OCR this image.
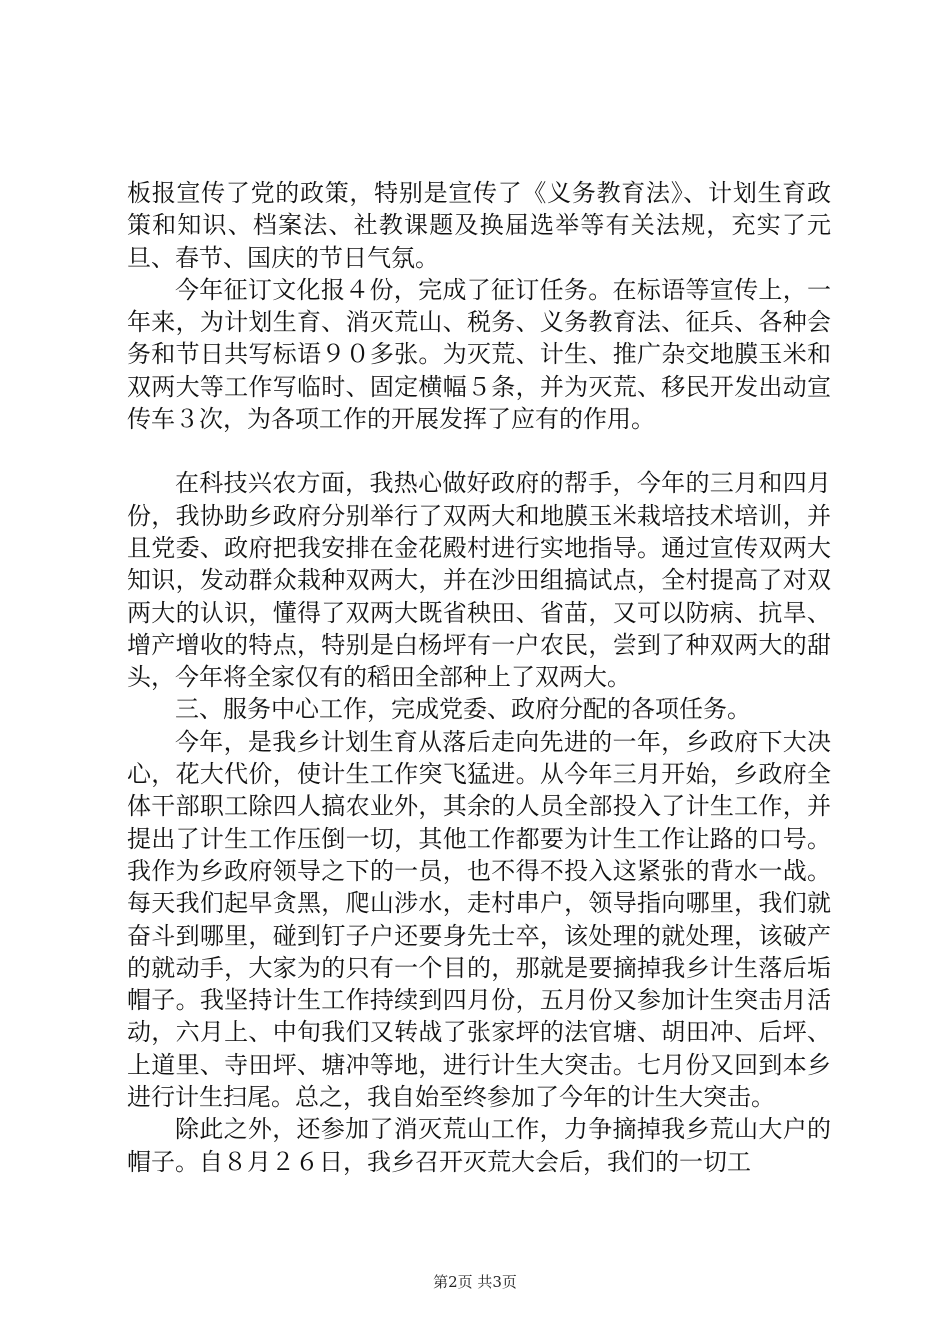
板报宣传了党的政策，特别是宣传了《义务教育法》、计划生育政策和知识、档案法、社教课题及换届选举等有关法规，充实了元旦、春节、国庆的节日气氛。

今年征订文化报４份，完成了征订任务。在标语等宣传上，一年来，为计划生育、消灭荒山、税务、义务教育法、征兵、各种会务和节日共写标语９０多张。为灭荒、计生、推广杂交地膜玉米和双两大等工作写临时、固定横幅５条，并为灭荒、移民开发出动宣传车３次，为各项工作的开展发挥了应有的作用。

在科技兴农方面，我热心做好政府的帮手，今年的三月和四月份，我协助乡政府分别举行了双两大和地膜玉米栽培技术培训，并且党委、政府把我安排在金花殿村进行实地指导。通过宣传双两大知识，发动群众栽种双两大，并在沙田组搞试点，全村提高了对双两大的认识，懂得了双两大既省秧田、省苗，又可以防病、抗旱、增产增收的特点，特别是白杨坪有一户农民，尝到了种双两大的甜头，今年将全家仅有的稻田全部种上了双两大。

三、服务中心工作，完成党委、政府分配的各项任务。

今年，是我乡计划生育从落后走向先进的一年，乡政府下大决心，花大代价，使计生工作突飞猛进。从今年三月开始，乡政府全体干部职工除四人搞农业外，其余的人员全部投入了计生工作，并提出了计生工作压倒一切，其他工作都要为计生工作让路的口号。我作为乡政府领导之下的一员，也不得不投入这紧张的背水一战。每天我们起早贪黑，爬山涉水，走村串户，领导指向哪里，我们就奋斗到哪里，碰到钉子户还要身先士卒，该处理的就处理，该破产的就动手，大家为的只有一个目的，那就是要摘掉我乡计生落后垢帽子。我坚持计生工作持续到四月份，五月份又参加计生突击月活动，六月上、中旬我们又转战了张家坪的法官塘、胡田冲、后坪、上道里、寺田坪、塘冲等地，进行计生大突击。七月份又回到本乡进行计生扫尾。总之，我自始至终参加了今年的计生大突击。

除此之外，还参加了消灭荒山工作，力争摘掉我乡荒山大户的帽子。自８月２６日，我乡召开灭荒大会后，我们的一切工

第2页 共3页
